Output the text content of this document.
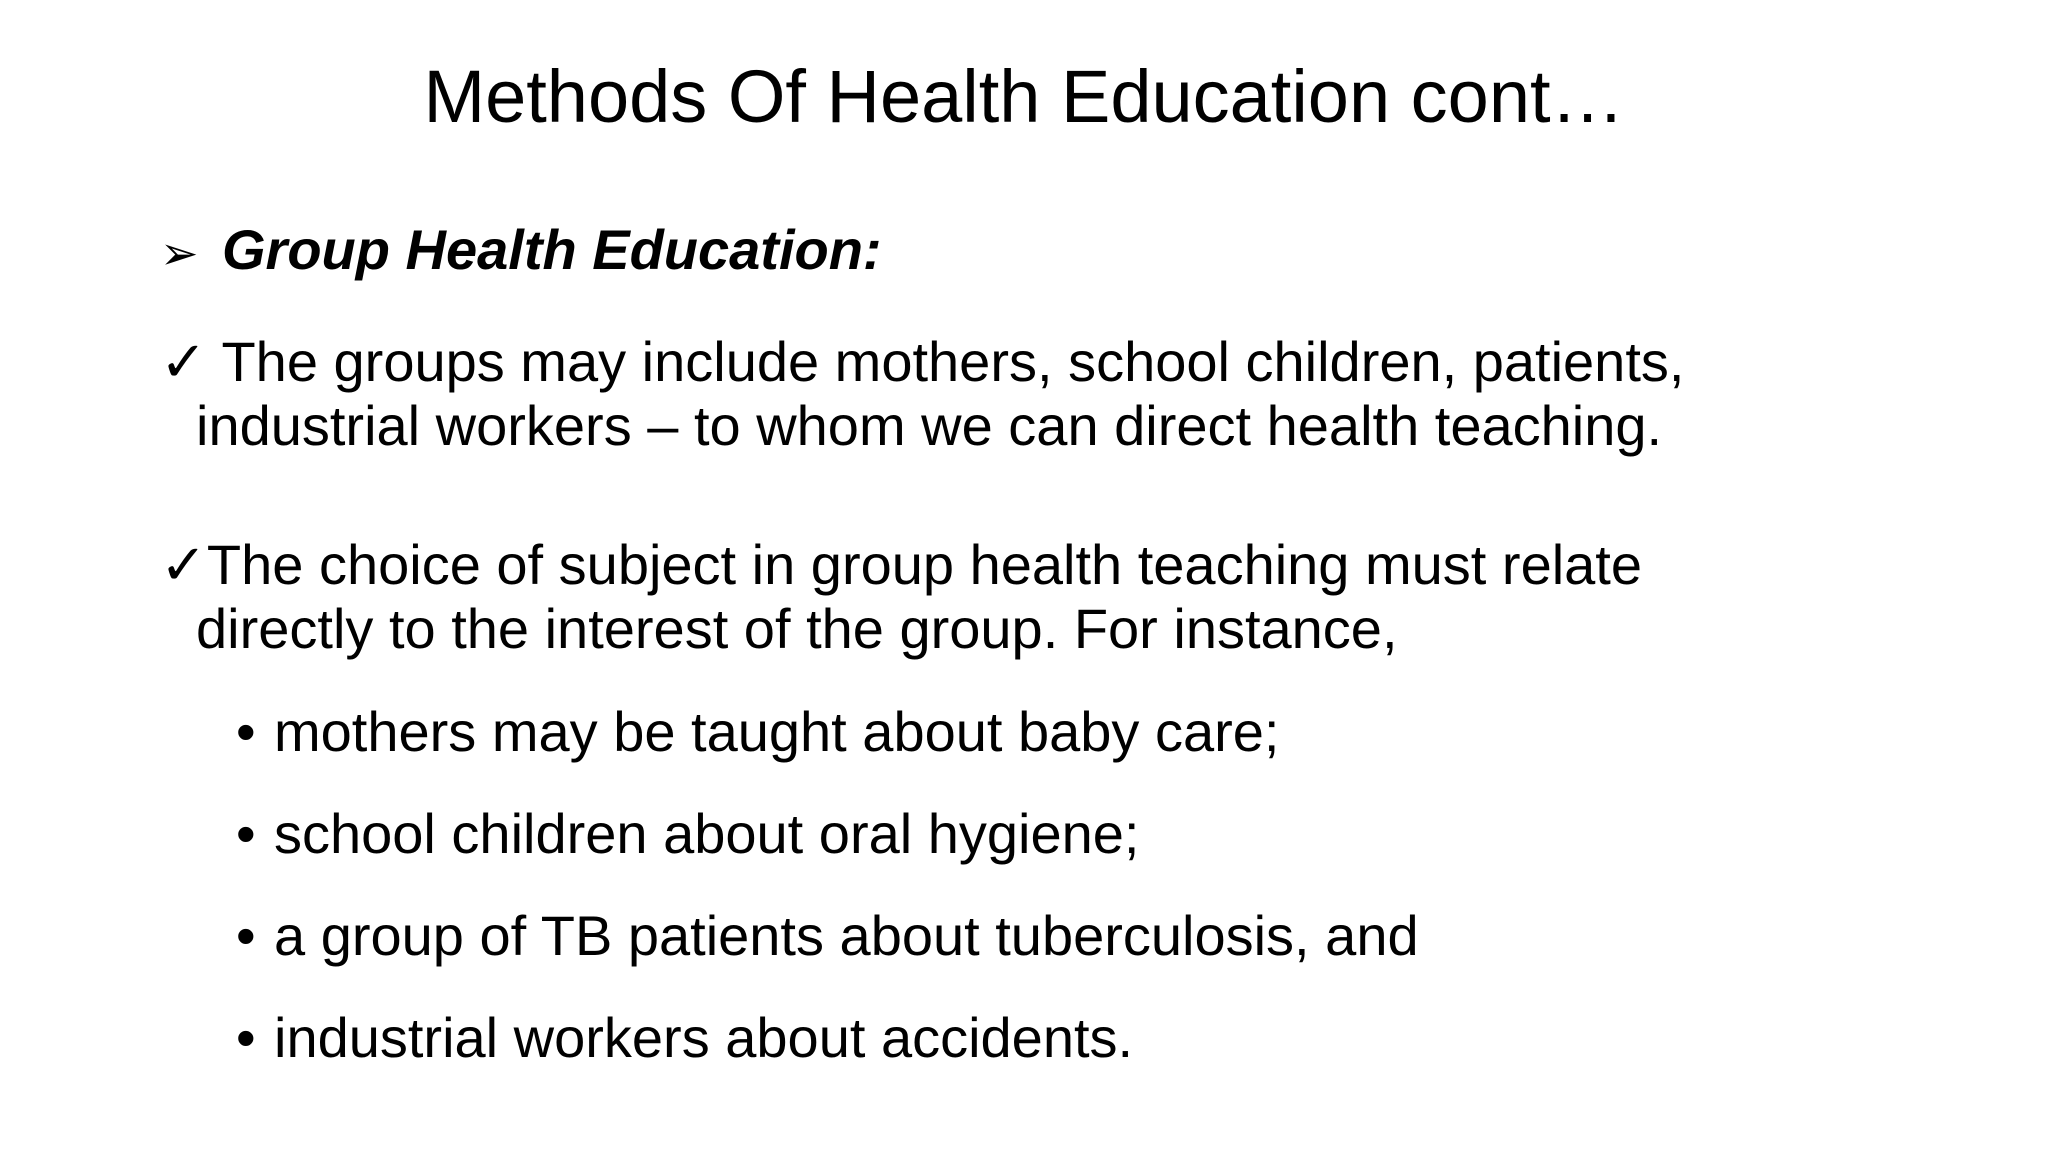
Methods Of Health Education cont…
➢ Group Health Education:
✓ The groups may include mothers, school children, patients,
industrial workers – to whom we can direct health teaching.
✓The choice of subject in group health teaching must relate
directly to the interest of the group. For instance,
• mothers may be taught about baby care;
• school children about oral hygiene;
• a group of TB patients about tuberculosis, and
• industrial workers about accidents.
